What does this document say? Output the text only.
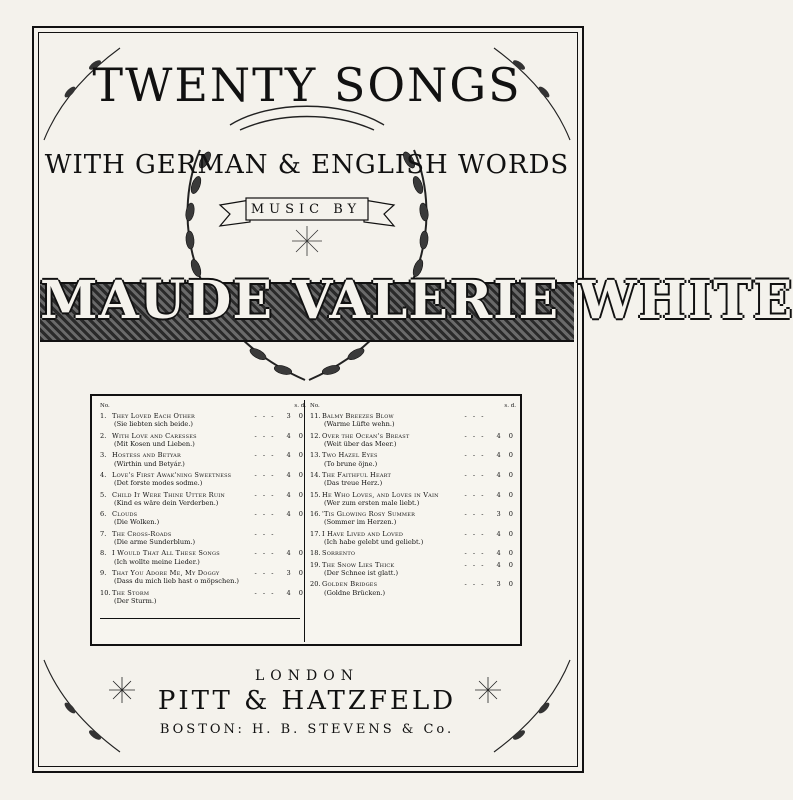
TWENTY SONGS
WITH GERMAN & ENGLISH WORDS
MUSIC BY
MAUDE VALERIE WHITE
No.	s. d.
1. They Loved Each Other	- - -	3 0
(Sie liebten sich beide.)
2. With Love and Caresses	- - -	4 0
(Mit Kosen und Lieben.)
3. Hostess and Betyar	- - -	4 0
(Wirthin und Betyár.)
4. Love's First Awak'ning Sweetness	- - -	4 0
(Det forste modes sodme.)
5. Child It Were Thine Utter Ruin	- - -	4 0
(Kind es wäre dein Verderben.)
6. Clouds	- - -	4 0
(Die Wolken.)
7. The Cross-Roads	- - -
(Die arme Sunderblum.)
8. I Would That All These Songs	- - -	4 0
(Ich wollte meine Lieder.)
9. That You Adore Me, My Doggy	- - -	3 0
(Dass du mich lieb hast o möpschen.)
10. The Storm	- - -	4 0
(Der Sturm.)
No.	s. d.
11. Balmy Breezes Blow	- - -
(Warme Lüfte wehn.)
12. Over the Ocean's Breast	- - -	4 0
(Weit über das Meer.)
13. Two Hazel Eyes	- - -	4 0
(To brune öjne.)
14. The Faithful Heart	- - -	4 0
(Das treue Herz.)
15. He Who Loves, and Loves in Vain	- - -	4 0
(Wer zum ersten male liebt.)
16. 'Tis Glowing Rosy Summer	- - -	3 0
(Sommer im Herzen.)
17. I Have Lived and Loved	- - -	4 0
(Ich habe gelebt und geliebt.)
18. Sorrento	- - -	4 0
19. The Snow Lies Thick	- - -	4 0
(Der Schnee ist glatt.)
20. Golden Bridges	- - -	3 0
(Goldne Brücken.)
LONDON
PITT & HATZFELD
BOSTON: H. B. STEVENS & Co.
